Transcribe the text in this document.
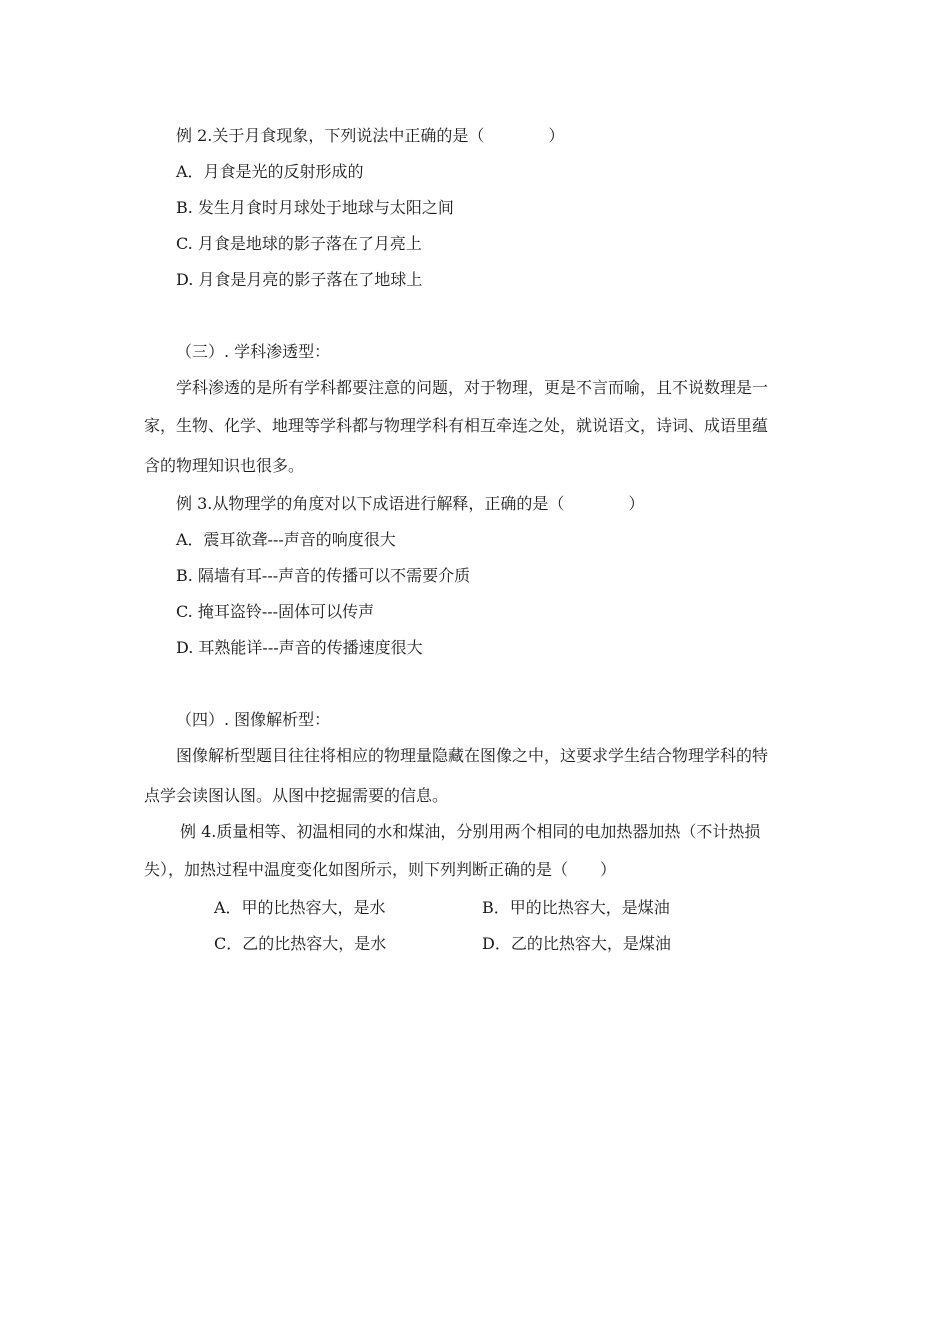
例 2.关于月食现象，下列说法中正确的是（　　　　）
A．月食是光的反射形成的
B. 发生月食时月球处于地球与太阳之间
C. 月食是地球的影子落在了月亮上
D. 月食是月亮的影子落在了地球上
（三）. 学科渗透型：
学科渗透的是所有学科都要注意的问题，对于物理，更是不言而喻，且不说数理是一
家，生物、化学、地理等学科都与物理学科有相互牵连之处，就说语文，诗词、成语里蕴
含的物理知识也很多。
例 3.从物理学的角度对以下成语进行解释，正确的是（　　　　）
A．震耳欲聋---声音的响度很大
B. 隔墙有耳---声音的传播可以不需要介质
C. 掩耳盗铃---固体可以传声
D. 耳熟能详---声音的传播速度很大
（四）. 图像解析型：
图像解析型题目往往将相应的物理量隐藏在图像之中，这要求学生结合物理学科的特
点学会读图认图。从图中挖掘需要的信息。
例 4.质量相等、初温相同的水和煤油，分别用两个相同的电加热器加热（不计热损
失），加热过程中温度变化如图所示，则下列判断正确的是（　　）
A．甲的比热容大，是水	B．甲的比热容大，是煤油
C．乙的比热容大，是水	D．乙的比热容大，是煤油
